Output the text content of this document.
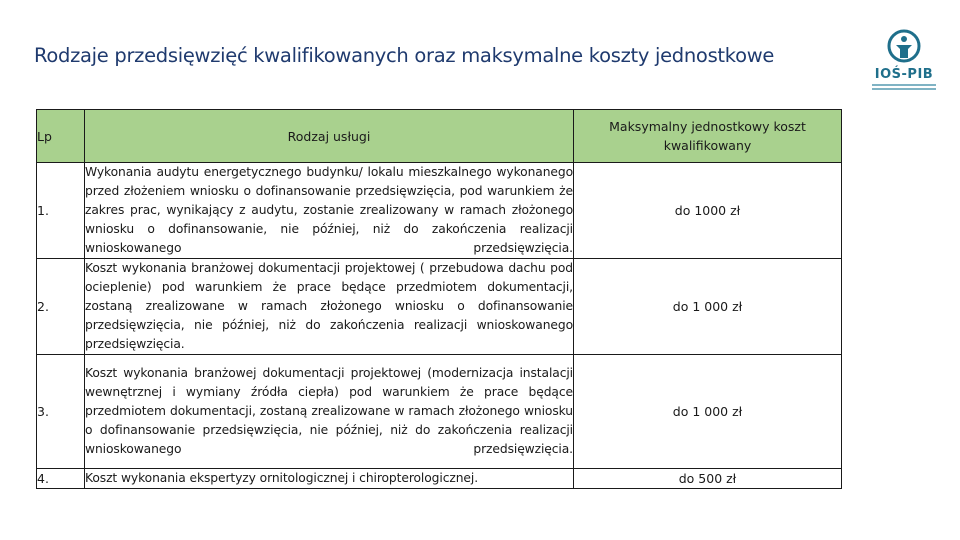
Rodzaje przedsięwzięć kwalifikowanych oraz maksymalne koszty jednostkowe
IOŚ-PIB
Lp	Rodzaj usługi	Maksymalny jednostkowy koszt kwalifikowany
1.	Wykonania audytu energetycznego budynku/ lokalu mieszkalnego wykonanego przed złożeniem wniosku o dofinansowanie przedsięwzięcia, pod warunkiem że zakres prac, wynikający z audytu, zostanie zrealizowany w ramach złożonego wniosku o dofinansowanie, nie później, niż do zakończenia realizacji wnioskowanego przedsięwzięcia.	do 1000 zł
2.	Koszt wykonania branżowej dokumentacji projektowej ( przebudowa dachu pod ocieplenie) pod warunkiem że prace będące przedmiotem dokumentacji, zostaną zrealizowane w ramach złożonego wniosku o dofinansowanie przedsięwzięcia, nie później, niż do zakończenia realizacji wnioskowanego przedsięwzięcia.	do 1 000 zł
3.	Koszt wykonania branżowej dokumentacji projektowej (modernizacja instalacji wewnętrznej i wymiany źródła ciepła) pod warunkiem że prace będące przedmiotem dokumentacji, zostaną zrealizowane w ramach złożonego wniosku o dofinansowanie przedsięwzięcia, nie później, niż do zakończenia realizacji wnioskowanego przedsięwzięcia.	do 1 000 zł
4.	Koszt wykonania ekspertyzy ornitologicznej i chiropterologicznej.	do 500 zł
